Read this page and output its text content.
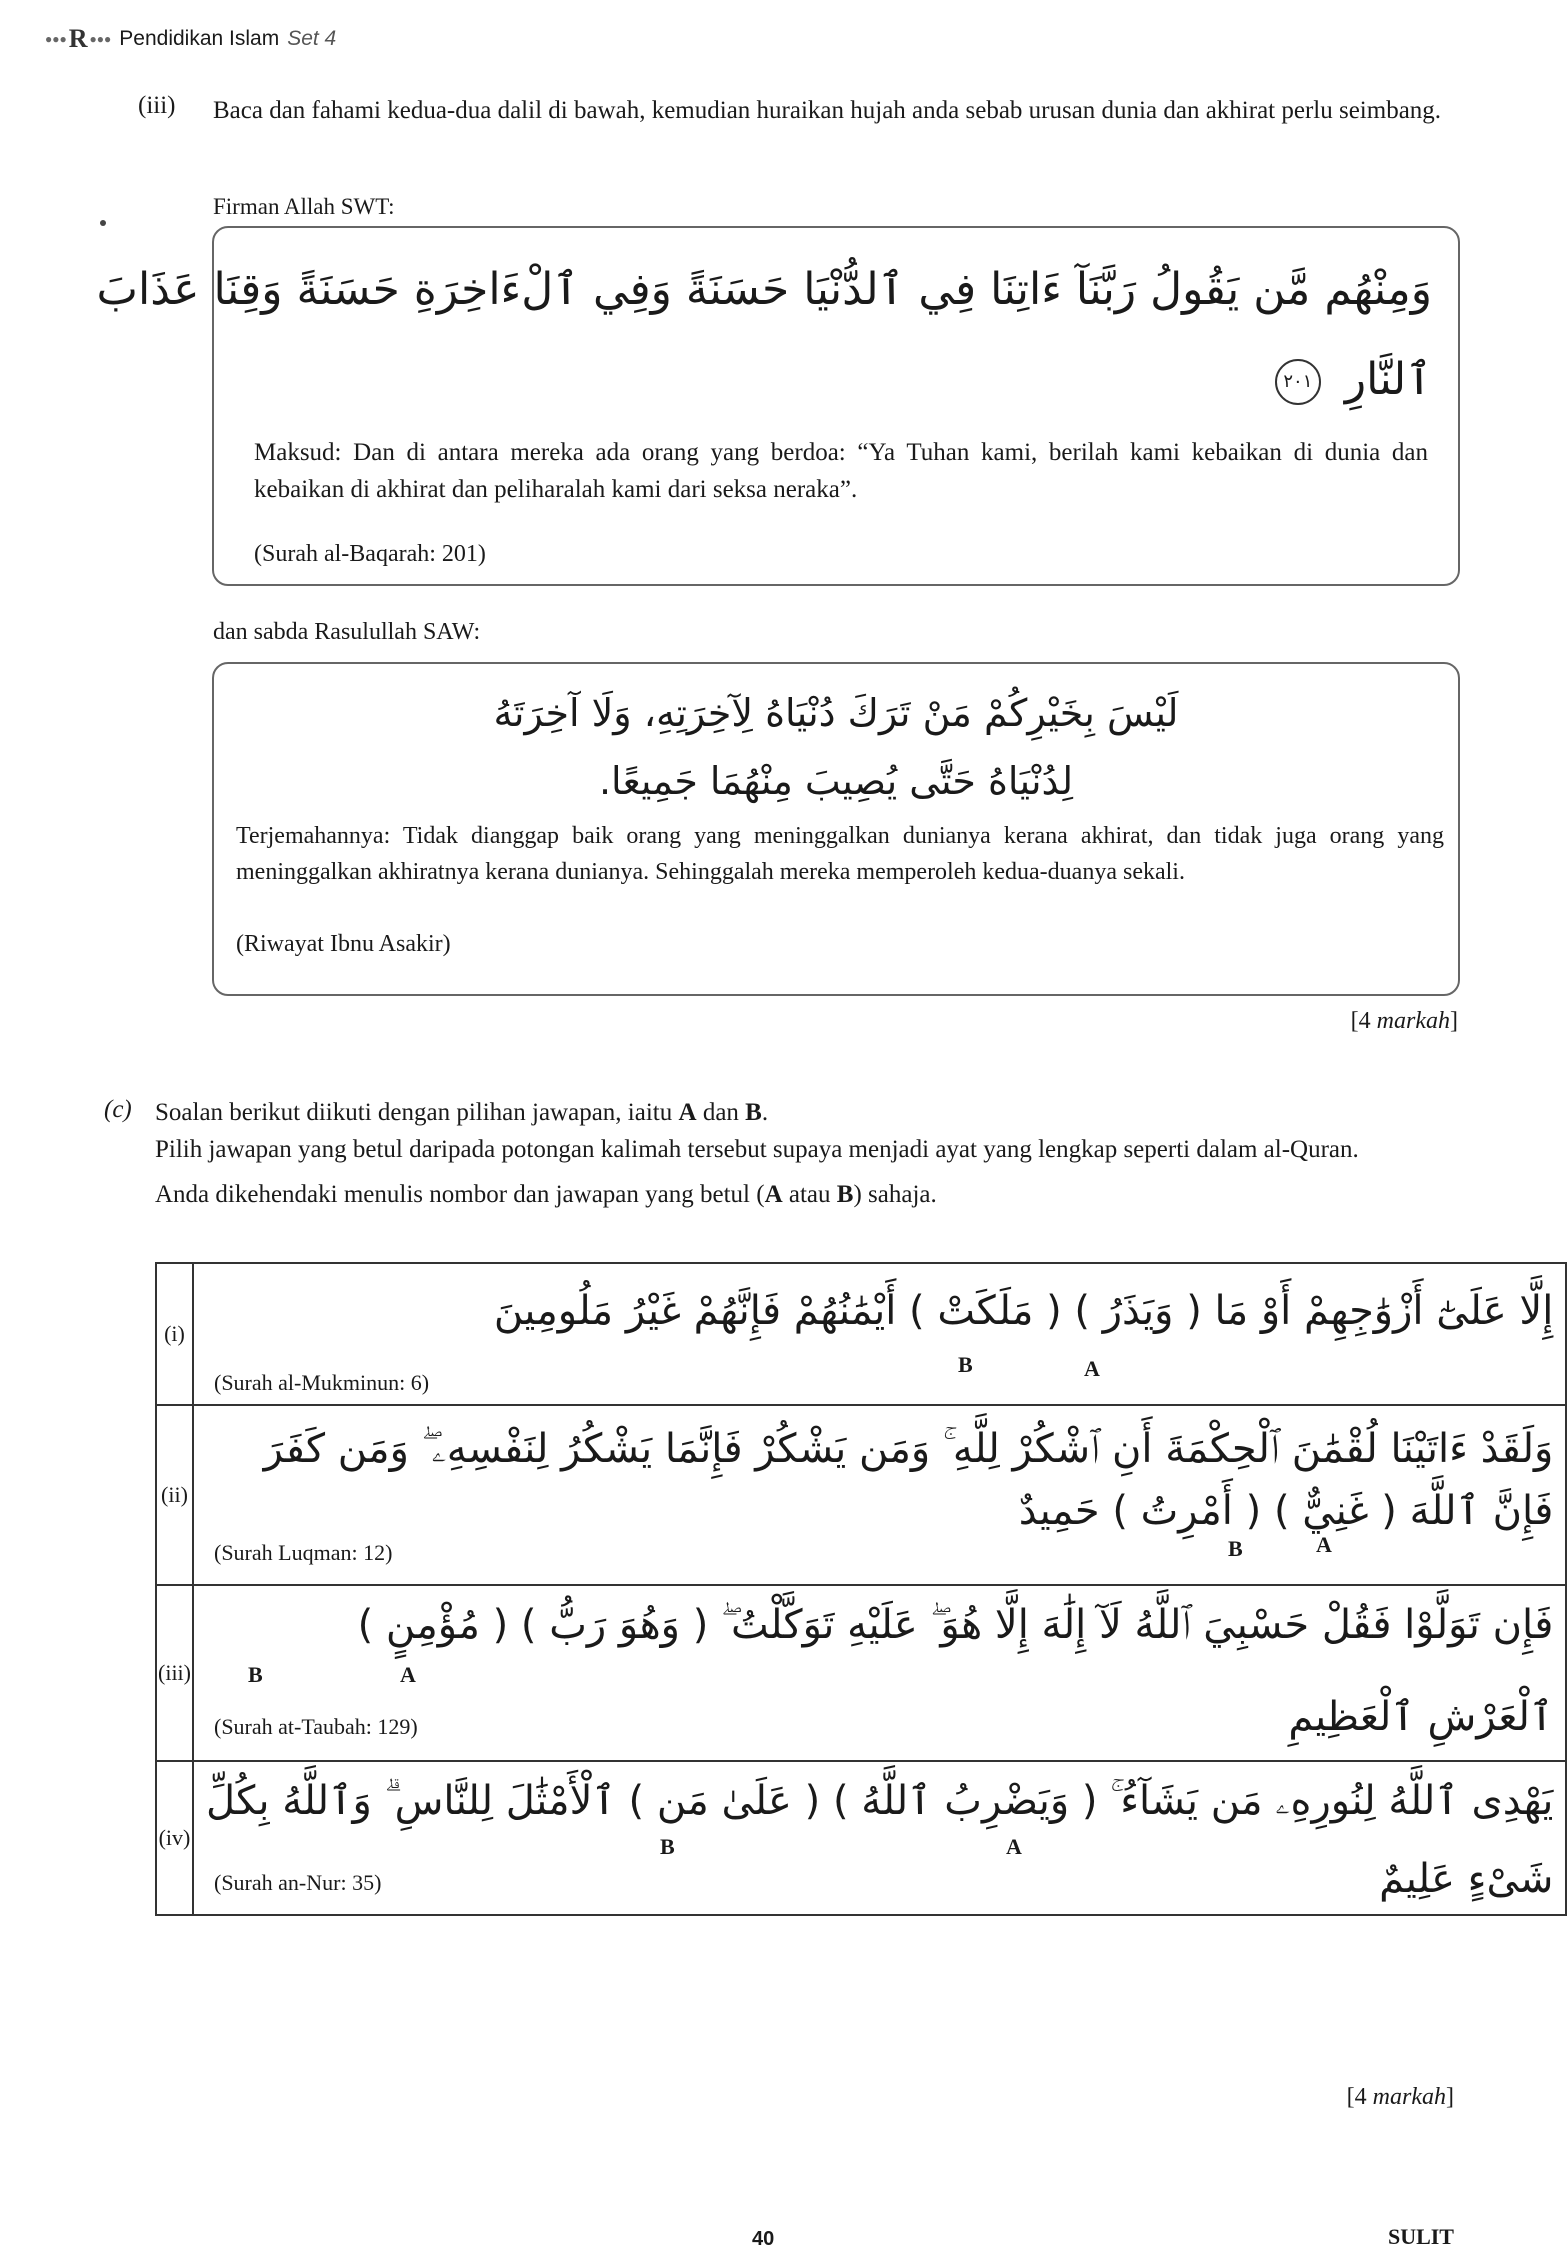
●●● R ●●● Pendidikan Islam Set 4
(iii) Baca dan fahami kedua-dua dalil di bawah, kemudian huraikan hujah anda sebab urusan dunia dan akhirat perlu seimbang.
Firman Allah SWT:
وَمِنْهُم مَّن يَقُولُ رَبَّنَآ ءَاتِنَا فِي ٱلدُّنْيَا حَسَنَةً وَفِي ٱلْءَاخِرَةِ حَسَنَةً وَقِنَا عَذَابَ
ٱلنَّارِ ٢٠١
Maksud: Dan di antara mereka ada orang yang berdoa: “Ya Tuhan kami, berilah kami kebaikan di dunia dan kebaikan di akhirat dan peliharalah kami dari seksa neraka”.
(Surah al-Baqarah: 201)
dan sabda Rasulullah SAW:
لَيْسَ بِخَيْرِكُمْ مَنْ تَرَكَ دُنْيَاهُ لِآخِرَتِهِ، وَلَا آخِرَتَهُ
لِدُنْيَاهُ حَتَّى يُصِيبَ مِنْهُمَا جَمِيعًا.
Terjemahannya: Tidak dianggap baik orang yang meninggalkan dunianya kerana akhirat, dan tidak juga orang yang meninggalkan akhiratnya kerana dunianya. Sehinggalah mereka memperoleh kedua-duanya sekali.
(Riwayat Ibnu Asakir)
[4 markah]
(c) Soalan berikut diikuti dengan pilihan jawapan, iaitu A dan B.
Pilih jawapan yang betul daripada potongan kalimah tersebut supaya menjadi ayat yang lengkap seperti dalam al-Quran.
Anda dikehendaki menulis nombor dan jawapan yang betul (A atau B) sahaja.
(i)	إِلَّا عَلَىٰٓ أَزْوَٰجِهِمْ أَوْ مَا ( وَيَذَرُ ) ( مَلَكَتْ ) أَيْمَٰنُهُمْ فَإِنَّهُمْ غَيْرُ مَلُومِينَ
B A
(Surah al-Mukminun: 6)

(ii)	وَلَقَدْ ءَاتَيْنَا لُقْمَٰنَ ٱلْحِكْمَةَ أَنِ ٱشْكُرْ لِلَّهِ ۚ وَمَن يَشْكُرْ فَإِنَّمَا يَشْكُرُ لِنَفْسِهِۦ ۖ وَمَن كَفَرَ
فَإِنَّ ٱللَّهَ ( غَنِيٌّ ) ( أَمْرِتُ ) حَمِيدٌ
B A
(Surah Luqman: 12)

(iii)	فَإِن تَوَلَّوْا فَقُلْ حَسْبِيَ ٱللَّهُ لَآ إِلَٰهَ إِلَّا هُوَ ۖ عَلَيْهِ تَوَكَّلْتُ ۖ ( وَهُوَ رَبُّ ) ( مُؤْمِنٍ )
B A
ٱلْعَرْشِ ٱلْعَظِيمِ
(Surah at-Taubah: 129)

(iv)	يَهْدِى ٱللَّهُ لِنُورِهِۦ مَن يَشَآءُ ۚ ( وَيَضْرِبُ ٱللَّهُ ) ( عَلَىٰ مَن ) ٱلْأَمْثَٰلَ لِلنَّاسِ ۗ وَٱللَّهُ بِكُلِّ
B A
شَىْءٍ عَلِيمٌ
(Surah an-Nur: 35)
[4 markah]
40	SULIT
